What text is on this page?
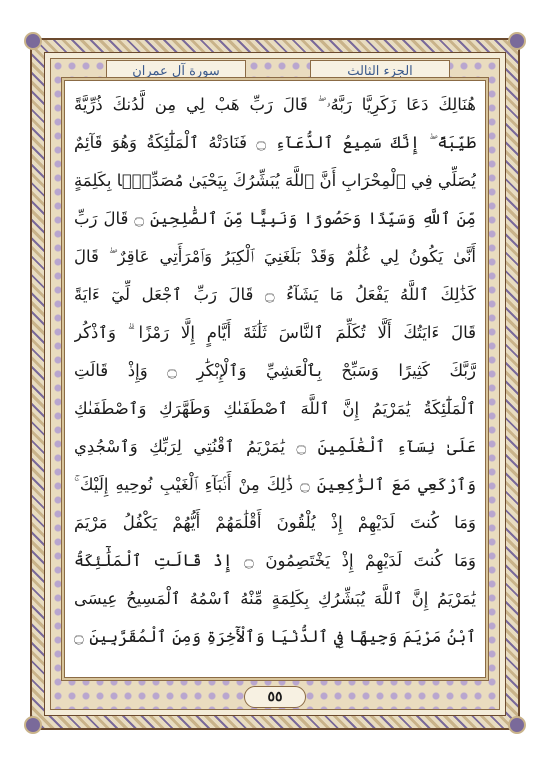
الجزء الثالث
سورة آل عمران
هُنَالِكَ دَعَا زَكَرِيَّا رَبَّهُۥ ۖ قَالَ رَبِّ هَبْ لِي مِن لَّدُنكَ ذُرِّيَّةً
طَيِّبَةً ۖ إِنَّكَ سَمِيعُ ٱلدُّعَآءِ ۝ فَنَادَتْهُ ٱلْمَلَٰٓئِكَةُ وَهُوَ قَآئِمٌ
يُصَلِّي فِي ٱلْمِحْرَابِ أَنَّ ٱللَّهَ يُبَشِّرُكَ بِيَحْيَىٰ مُصَدِّقًۢا بِكَلِمَةٍ
مِّنَ ٱللَّهِ وَسَيِّدًا وَحَصُورًا وَنَبِيًّا مِّنَ ٱلصَّٰلِحِينَ ۝ قَالَ رَبِّ
أَنَّىٰ يَكُونُ لِي غُلَٰمٌ وَقَدْ بَلَغَنِيَ ٱلْكِبَرُ وَٱمْرَأَتِي عَاقِرٌ ۖ قَالَ
كَذَٰلِكَ ٱللَّهُ يَفْعَلُ مَا يَشَآءُ ۝ قَالَ رَبِّ ٱجْعَل لِّيٓ ءَايَةً
قَالَ ءَايَتُكَ أَلَّا تُكَلِّمَ ٱلنَّاسَ ثَلَٰثَةَ أَيَّامٍ إِلَّا رَمْزًا ۗ وَٱذْكُر
رَّبَّكَ كَثِيرًا وَسَبِّحْ بِٱلْعَشِيِّ وَٱلْإِبْكَٰرِ ۝ وَإِذْ قَالَتِ
ٱلْمَلَٰٓئِكَةُ يَٰمَرْيَمُ إِنَّ ٱللَّهَ ٱصْطَفَىٰكِ وَطَهَّرَكِ وَٱصْطَفَىٰكِ
عَلَىٰ نِسَآءِ ٱلْعَٰلَمِينَ ۝ يَٰمَرْيَمُ ٱقْنُتِي لِرَبِّكِ وَٱسْجُدِي
وَٱرْكَعِي مَعَ ٱلرَّٰكِعِينَ ۝ ذَٰلِكَ مِنْ أَنۢبَآءِ ٱلْغَيْبِ نُوحِيهِ إِلَيْكَ ۚ
وَمَا كُنتَ لَدَيْهِمْ إِذْ يُلْقُونَ أَقْلَٰمَهُمْ أَيُّهُمْ يَكْفُلُ مَرْيَمَ
وَمَا كُنتَ لَدَيْهِمْ إِذْ يَخْتَصِمُونَ ۝ إِذْ قَالَتِ ٱلْمَلَٰٓئِكَةُ
يَٰمَرْيَمُ إِنَّ ٱللَّهَ يُبَشِّرُكِ بِكَلِمَةٍ مِّنْهُ ٱسْمُهُ ٱلْمَسِيحُ عِيسَى
ٱبْنُ مَرْيَمَ وَجِيهًا فِي ٱلدُّنْيَا وَٱلْأٓخِرَةِ وَمِنَ ٱلْمُقَرَّبِينَ ۝
٥٥
